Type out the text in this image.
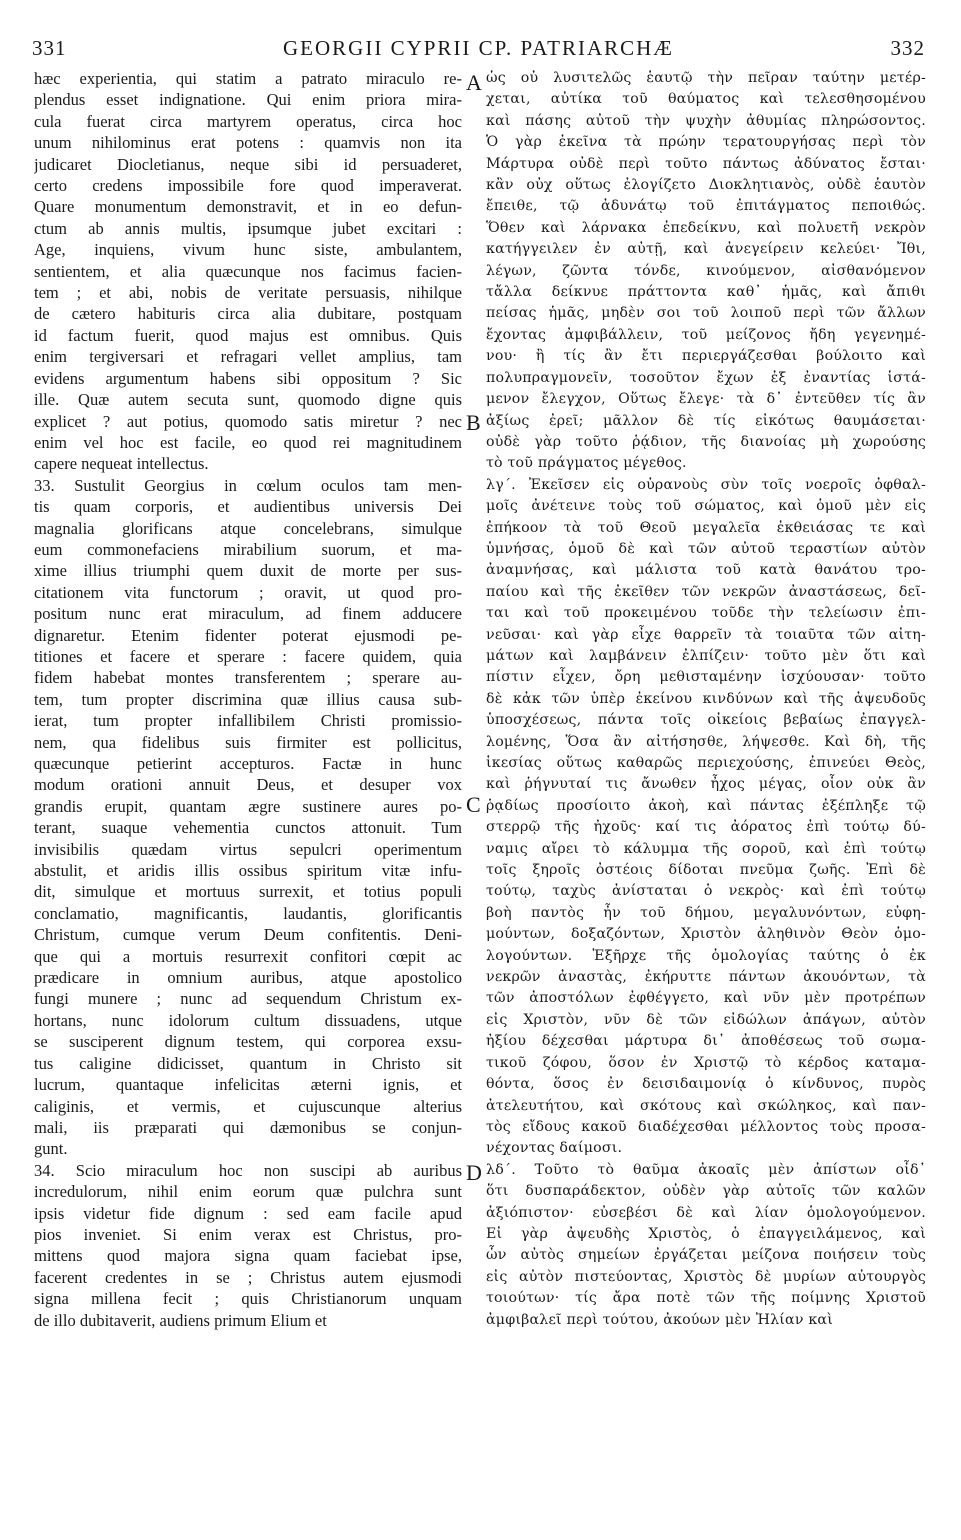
331	GEORGII CYPRII CP. PATRIARCHÆ	332
hæc experientia, qui statim a patrato miraculo re-
plendus esset indignatione. Qui enim priora mira-
cula fuerat circa martyrem operatus, circa hoc
unum nihilominus erat potens : quamvis non ita
judicaret Diocletianus, neque sibi id persuaderet,
certo credens impossibile fore quod imperaverat.
Quare monumentum demonstravit, et in eo defun-
ctum ab annis multis, ipsumque jubet excitari :
Age, inquiens, vivum hunc siste, ambulantem,
sentientem, et alia quæcunque nos facimus facien-
tem ; et abi, nobis de veritate persuasis, nihilque
de cætero habituris circa alia dubitare, postquam
id factum fuerit, quod majus est omnibus. Quis
enim tergiversari et refragari vellet amplius, tam
evidens argumentum habens sibi oppositum ? Sic
ille. Quæ autem secuta sunt, quomodo digne quis
explicet ? aut potius, quomodo satis miretur ? nec
enim vel hoc est facile, eo quod rei magnitudinem
capere nequeat intellectus.
33. Sustulit Georgius in cœlum oculos tam men-
tis quam corporis, et audientibus universis Dei
magnalia glorificans atque concelebrans, simulque
eum commonefaciens mirabilium suorum, et ma-
xime illius triumphi quem duxit de morte per sus-
citationem vita functorum ; oravit, ut quod pro-
positum nunc erat miraculum, ad finem adducere
dignaretur. Etenim fidenter poterat ejusmodi pe-
titiones et facere et sperare : facere quidem, quia
fidem habebat montes transferentem ; sperare au-
tem, tum propter discrimina quæ illius causa sub-
ierat, tum propter infallibilem Christi promissio-
nem, qua fidelibus suis firmiter est pollicitus,
quæcunque petierint accepturos. Factæ in hunc
modum orationi annuit Deus, et desuper vox
grandis erupit, quantam ægre sustinere aures po-
terant, suaque vehementia cunctos attonuit. Tum
invisibilis quædam virtus sepulcri operimentum
abstulit, et aridis illis ossibus spiritum vitæ infu-
dit, simulque et mortuus surrexit, et totius populi
conclamatio, magnificantis, laudantis, glorificantis
Christum, cumque verum Deum confitentis. Deni-
que qui a mortuis resurrexit confitori cœpit ac
prædicare in omnium auribus, atque apostolico
fungi munere ; nunc ad sequendum Christum ex-
hortans, nunc idolorum cultum dissuadens, utque
se susciperent dignum testem, qui corporea exsu-
tus caligine didicisset, quantum in Christo sit
lucrum, quantaque infelicitas æterni ignis, et
caliginis, et vermis, et cujuscunque alterius
mali, iis præparati qui dæmonibus se conjun-
gunt.
34. Scio miraculum hoc non suscipi ab auribus
incredulorum, nihil enim eorum quæ pulchra sunt
ipsis videtur fide dignum : sed eam facile apud
pios inveniet. Si enim verax est Christus, pro-
mittens quod majora signa quam faciebat ipse,
facerent credentes in se ; Christus autem ejusmodi
signa millena fecit ; quis Christianorum unquam
de illo dubitaverit, audiens primum Elium et
ὡς οὐ λυσιτελῶς ἑαυτῷ τὴν πεῖραν ταύτην μετέρ-
χεται, αὐτίκα τοῦ θαύματος καὶ τελεσθησομένου
καὶ πάσης αὐτοῦ τὴν ψυχὴν ἀθυμίας πληρώσοντος.
Ὁ γὰρ ἐκεῖνα τὰ πρώην τερατουργήσας περὶ τὸν
Μάρτυρα οὐδὲ περὶ τοῦτο πάντως ἀδύνατος ἔσται·
κἂν οὐχ οὕτως ἐλογίζετο Διοκλητιανὸς, οὐδὲ ἑαυτὸν
ἔπειθε, τῷ ἀδυνάτῳ τοῦ ἐπιτάγματος πεποιθώς.
Ὅθεν καὶ λάρνακα ἐπεδείκνυ, καὶ πολυετῆ νεκρὸν
κατήγγειλεν ἐν αὐτῇ, καὶ ἀνεγείρειν κελεύει· Ἴθι,
λέγων, ζῶντα τόνδε, κινούμενον, αἰσθανόμενον
τἄλλα δείκνυε πράττοντα καθ᾽ ἡμᾶς, καὶ ἄπιθι
πείσας ἡμᾶς, μηδὲν σοι τοῦ λοιποῦ περὶ τῶν ἄλλων
ἔχοντας ἀμφιβάλλειν, τοῦ μείζονος ἤδη γεγενημέ-
νου· ἢ τίς ἂν ἔτι περιεργάζεσθαι βούλοιτο καὶ
πολυπραγμονεῖν, τοσοῦτον ἔχων ἐξ ἐναντίας ἱστά-
μενον ἔλεγχον, Οὕτως ἔλεγε· τὰ δ᾽ ἐντεῦθεν τίς ἂν
ἀξίως ἐρεῖ; μᾶλλον δὲ τίς εἰκότως θαυμάσεται·
οὐδὲ γὰρ τοῦτο ῥᾴδιον, τῆς διανοίας μὴ χωρούσης
τὸ τοῦ πράγματος μέγεθος.
λγ΄. Ἐκεῖσεν εἰς οὐρανοὺς σὺν τοῖς νοεροῖς ὀφθαλ-
μοῖς ἀνέτεινε τοὺς τοῦ σώματος, καὶ ὁμοῦ μὲν εἰς
ἐπήκοον τὰ τοῦ Θεοῦ μεγαλεῖα ἐκθειάσας τε καὶ
ὑμνήσας, ὁμοῦ δὲ καὶ τῶν αὐτοῦ τεραστίων αὐτὸν
ἀναμνήσας, καὶ μάλιστα τοῦ κατὰ θανάτου τρο-
παίου καὶ τῆς ἐκεῖθεν τῶν νεκρῶν ἀναστάσεως, δεῖ-
ται καὶ τοῦ προκειμένου τοῦδε τὴν τελείωσιν ἐπι-
νεῦσαι· καὶ γὰρ εἶχε θαρρεῖν τὰ τοιαῦτα τῶν αἰτη-
μάτων καὶ λαμβάνειν ἐλπίζειν· τοῦτο μὲν ὅτι καὶ
πίστιν εἶχεν, ὄρη μεθισταμένην ἰσχύουσαν· τοῦτο
δὲ κἀκ τῶν ὑπὲρ ἐκείνου κινδύνων καὶ τῆς ἀψευδοῦς
ὑποσχέσεως, πάντα τοῖς οἰκείοις βεβαίως ἐπαγγελ-
λομένης, Ὅσα ἂν αἰτήσησθε, λήψεσθε. Καὶ δὴ, τῆς
ἱκεσίας οὕτως καθαρῶς περιεχούσης, ἐπινεύει Θεὸς,
καὶ ῥήγνυταί τις ἄνωθεν ἦχος μέγας, οἷον οὐκ ἂν
ῥᾳδίως προσίοιτο ἀκοὴ, καὶ πάντας ἐξέπληξε τῷ
στερρῷ τῆς ἠχοῦς· καί τις ἀόρατος ἐπὶ τούτῳ δύ-
ναμις αἴρει τὸ κάλυμμα τῆς σοροῦ, καὶ ἐπὶ τούτῳ
τοῖς ξηροῖς ὀστέοις δίδοται πνεῦμα ζωῆς. Ἐπὶ δὲ
τούτῳ, ταχὺς ἀνίσταται ὁ νεκρὸς· καὶ ἐπὶ τούτῳ
βοὴ παντὸς ἦν τοῦ δήμου, μεγαλυνόντων, εὐφη-
μούντων, δοξαζόντων, Χριστὸν ἀληθινὸν Θεὸν ὁμο-
λογούντων. Ἐξῆρχε τῆς ὁμολογίας ταύτης ὁ ἐκ
νεκρῶν ἀναστὰς, ἐκήρυττε πάντων ἀκουόντων, τὰ
τῶν ἀποστόλων ἐφθέγγετο, καὶ νῦν μὲν προτρέπων
εἰς Χριστὸν, νῦν δὲ τῶν εἰδώλων ἀπάγων, αὐτὸν
ἠξίου δέχεσθαι μάρτυρα δι᾽ ἀποθέσεως τοῦ σωμα-
τικοῦ ζόφου, ὅσον ἐν Χριστῷ τὸ κέρδος καταμα-
θόντα, ὅσος ἐν δεισιδαιμονίᾳ ὁ κίνδυνος, πυρὸς
ἀτελευτήτου, καὶ σκότους καὶ σκώληκος, καὶ παν-
τὸς εἴδους κακοῦ διαδέχεσθαι μέλλοντος τοὺς προσα-
νέχοντας δαίμοσι.
λδ΄. Τοῦτο τὸ θαῦμα ἀκοαῖς μὲν ἀπίστων οἶδ᾽
ὅτι δυσπαράδεκτον, οὐδὲν γὰρ αὐτοῖς τῶν καλῶν
ἀξιόπιστον· εὐσεβέσι δὲ καὶ λίαν ὁμολογούμενον.
Εἰ γὰρ ἀψευδὴς Χριστὸς, ὁ ἐπαγγειλάμενος, καὶ
ὧν αὐτὸς σημείων ἐργάζεται μείζονα ποιήσειν τοὺς
εἰς αὐτὸν πιστεύοντας, Χριστὸς δὲ μυρίων αὐτουργὸς
τοιούτων· τίς ἄρα ποτὲ τῶν τῆς ποίμνης Χριστοῦ
ἀμφιβαλεῖ περὶ τούτου, ἀκούων μὲν Ἠλίαν καὶ
A
B
C
D
